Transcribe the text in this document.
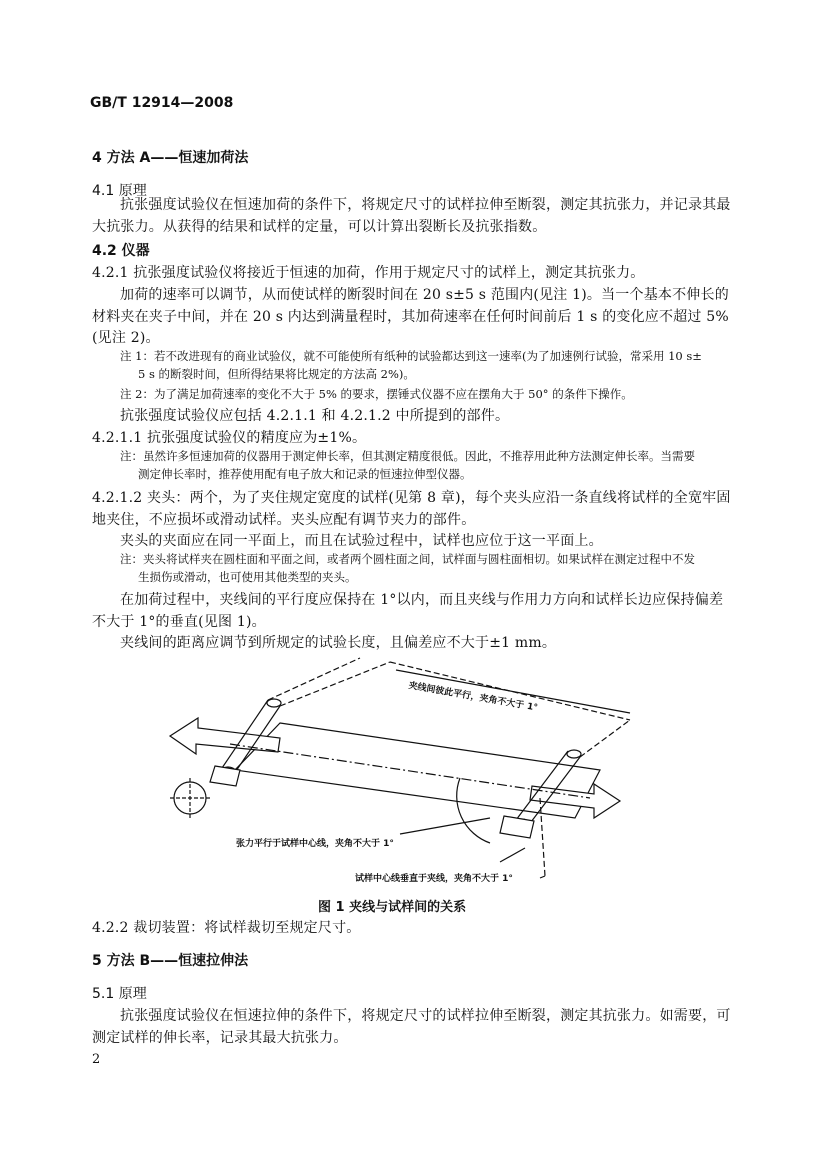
GB/T 12914—2008
4 方法 A——恒速加荷法
4.1 原理
抗张强度试验仪在恒速加荷的条件下，将规定尺寸的试样拉伸至断裂，测定其抗张力，并记录其最
大抗张力。从获得的结果和试样的定量，可以计算出裂断长及抗张指数。
4.2 仪器
4.2.1 抗张强度试验仪将接近于恒速的加荷，作用于规定尺寸的试样上，测定其抗张力。
加荷的速率可以调节，从而使试样的断裂时间在 20 s±5 s 范围内(见注 1)。当一个基本不伸长的
材料夹在夹子中间，并在 20 s 内达到满量程时，其加荷速率在任何时间前后 1 s 的变化应不超过 5%
(见注 2)。
注 1：若不改进现有的商业试验仪，就不可能使所有纸种的试验都达到这一速率(为了加速例行试验，常采用 10 s±
5 s 的断裂时间，但所得结果将比规定的方法高 2%)。
注 2：为了满足加荷速率的变化不大于 5% 的要求，摆锤式仪器不应在摆角大于 50° 的条件下操作。
抗张强度试验仪应包括 4.2.1.1 和 4.2.1.2 中所提到的部件。
4.2.1.1 抗张强度试验仪的精度应为±1%。
注：虽然许多恒速加荷的仪器用于测定伸长率，但其测定精度很低。因此，不推荐用此种方法测定伸长率。当需要
测定伸长率时，推荐使用配有电子放大和记录的恒速拉伸型仪器。
4.2.1.2 夹头：两个，为了夹住规定宽度的试样(见第 8 章)，每个夹头应沿一条直线将试样的全宽牢固
地夹住，不应损坏或滑动试样。夹头应配有调节夹力的部件。
夹头的夹面应在同一平面上，而且在试验过程中，试样也应位于这一平面上。
注：夹头将试样夹在圆柱面和平面之间，或者两个圆柱面之间，试样面与圆柱面相切。如果试样在测定过程中不发
生损伤或滑动，也可使用其他类型的夹头。
在加荷过程中，夹线间的平行度应保持在 1°以内，而且夹线与作用力方向和试样长边应保持偏差
不大于 1°的垂直(见图 1)。
夹线间的距离应调节到所规定的试验长度，且偏差应不大于±1 mm。
夹线间彼此平行，夹角不大于 1°
张力平行于试样中心线，夹角不大于 1°
试样中心线垂直于夹线，夹角不大于 1°
图 1 夹线与试样间的关系
4.2.2 裁切装置：将试样裁切至规定尺寸。
5 方法 B——恒速拉伸法
5.1 原理
抗张强度试验仪在恒速拉伸的条件下，将规定尺寸的试样拉伸至断裂，测定其抗张力。如需要，可
测定试样的伸长率，记录其最大抗张力。
2
